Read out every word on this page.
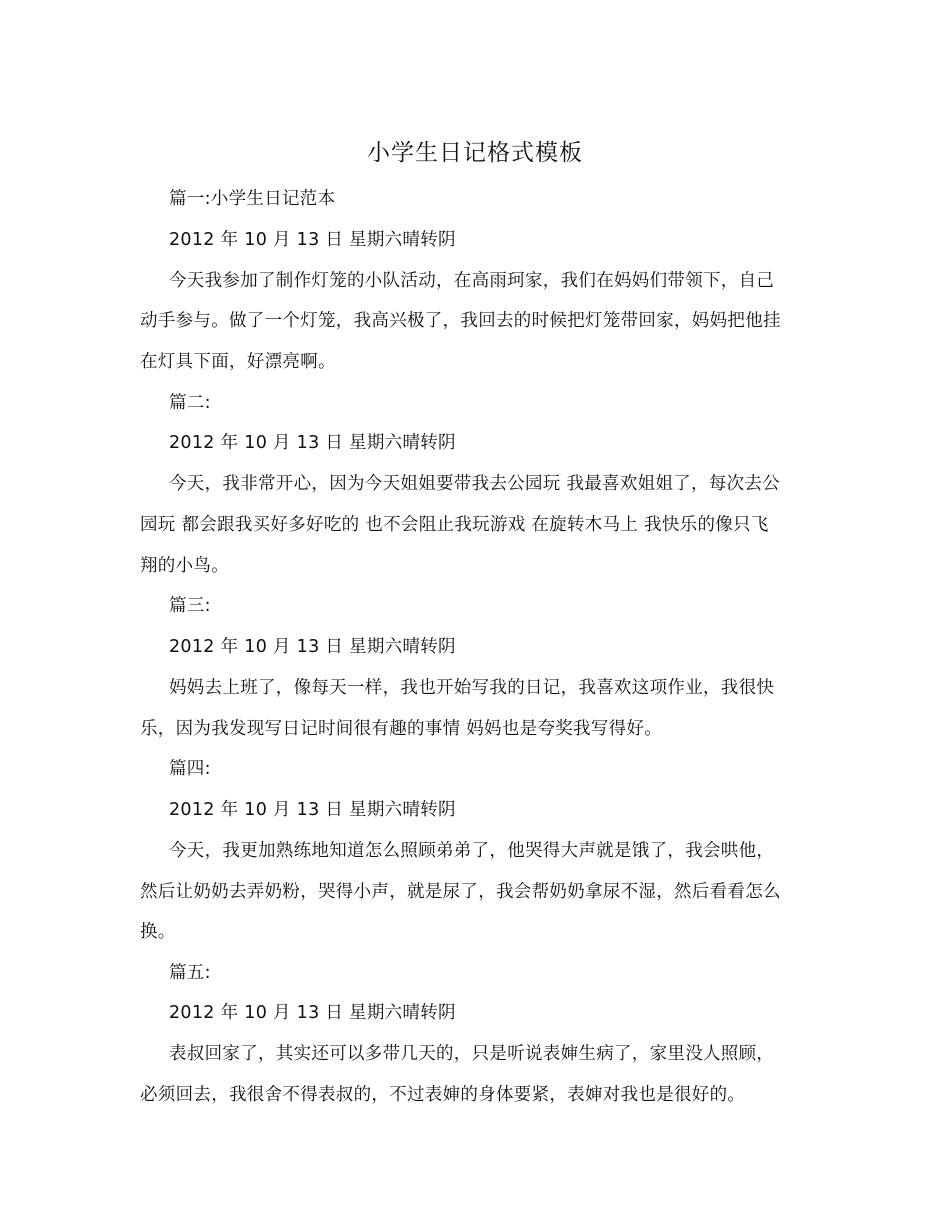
小学生日记格式模板
篇一:小学生日记范本
2012 年 10 月 13 日 星期六晴转阴
今天我参加了制作灯笼的小队活动，在高雨珂家，我们在妈妈们带领下，自己
动手参与。做了一个灯笼，我高兴极了，我回去的时候把灯笼带回家，妈妈把他挂
在灯具下面，好漂亮啊。
篇二:
2012 年 10 月 13 日 星期六晴转阴
今天，我非常开心，因为今天姐姐要带我去公园玩 我最喜欢姐姐了，每次去公
园玩 都会跟我买好多好吃的 也不会阻止我玩游戏 在旋转木马上 我快乐的像只飞
翔的小鸟。
篇三:
2012 年 10 月 13 日 星期六晴转阴
妈妈去上班了，像每天一样，我也开始写我的日记，我喜欢这项作业，我很快
乐，因为我发现写日记时间很有趣的事情 妈妈也是夸奖我写得好。
篇四:
2012 年 10 月 13 日 星期六晴转阴
今天，我更加熟练地知道怎么照顾弟弟了，他哭得大声就是饿了，我会哄他，
然后让奶奶去弄奶粉，哭得小声，就是尿了，我会帮奶奶拿尿不湿，然后看看怎么
换。
篇五:
2012 年 10 月 13 日 星期六晴转阴
表叔回家了，其实还可以多带几天的，只是听说表婶生病了，家里没人照顾，
必须回去，我很舍不得表叔的，不过表婶的身体要紧，表婶对我也是很好的。
